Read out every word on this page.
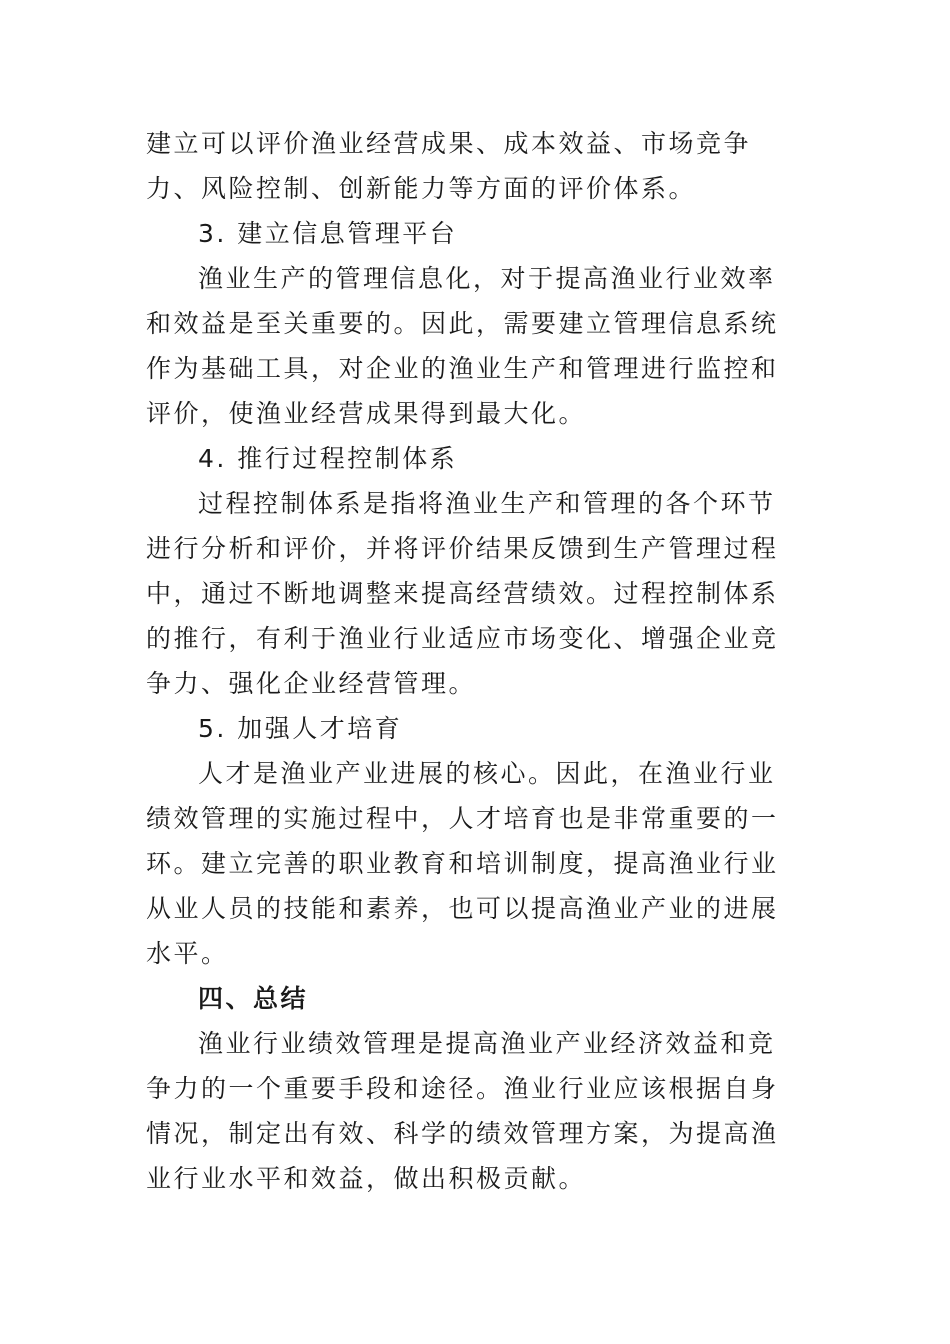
建立可以评价渔业经营成果、成本效益、市场竞争力、风险控制、创新能力等方面的评价体系。

3. 建立信息管理平台

渔业生产的管理信息化，对于提高渔业行业效率和效益是至关重要的。因此，需要建立管理信息系统作为基础工具，对企业的渔业生产和管理进行监控和评价，使渔业经营成果得到最大化。

4. 推行过程控制体系

过程控制体系是指将渔业生产和管理的各个环节进行分析和评价，并将评价结果反馈到生产管理过程中，通过不断地调整来提高经营绩效。过程控制体系的推行，有利于渔业行业适应市场变化、增强企业竞争力、强化企业经营管理。

5. 加强人才培育

人才是渔业产业进展的核心。因此，在渔业行业绩效管理的实施过程中，人才培育也是非常重要的一环。建立完善的职业教育和培训制度，提高渔业行业从业人员的技能和素养，也可以提高渔业产业的进展水平。

四、总结

渔业行业绩效管理是提高渔业产业经济效益和竞争力的一个重要手段和途径。渔业行业应该根据自身情况，制定出有效、科学的绩效管理方案，为提高渔业行业水平和效益，做出积极贡献。
